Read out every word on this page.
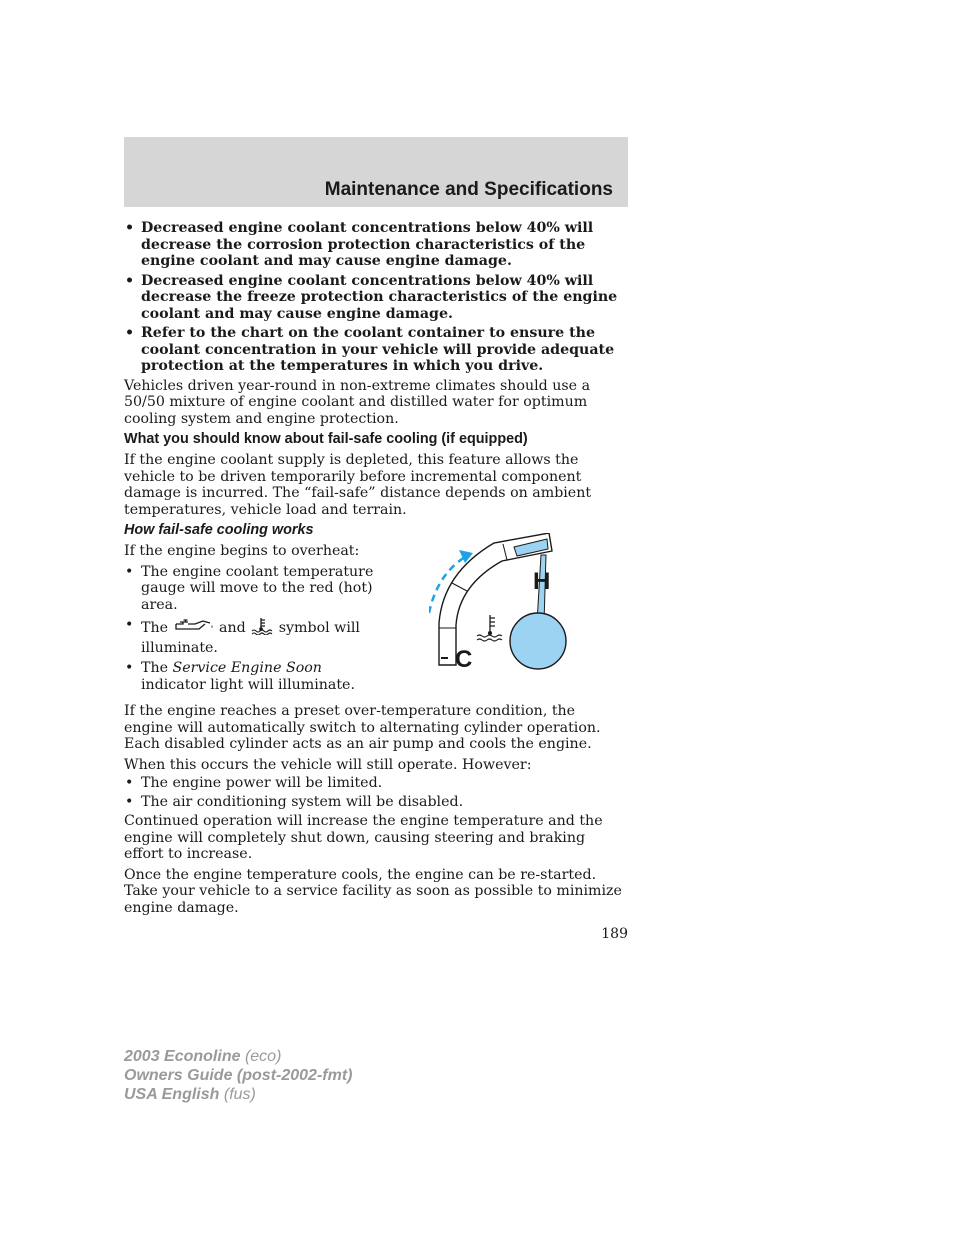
Maintenance and Specifications
• Decreased engine coolant concentrations below 40% will decrease the corrosion protection characteristics of the engine coolant and may cause engine damage.
• Decreased engine coolant concentrations below 40% will decrease the freeze protection characteristics of the engine coolant and may cause engine damage.
• Refer to the chart on the coolant container to ensure the coolant concentration in your vehicle will provide adequate protection at the temperatures in which you drive.

Vehicles driven year-round in non-extreme climates should use a 50/50 mixture of engine coolant and distilled water for optimum cooling system and engine protection.

What you should know about fail-safe cooling (if equipped)

If the engine coolant supply is depleted, this feature allows the vehicle to be driven temporarily before incremental component damage is incurred. The “fail-safe” distance depends on ambient temperatures, vehicle load and terrain.

How fail-safe cooling works
If the engine begins to overheat:
• The engine coolant temperature gauge will move to the red (hot) area.
• The	and symbol will illuminate.
• The Service Engine Soon indicator light will illuminate.
H
C

If the engine reaches a preset over-temperature condition, the engine will automatically switch to alternating cylinder operation. Each disabled cylinder acts as an air pump and cools the engine.

When this occurs the vehicle will still operate. However:

• The engine power will be limited.
• The air conditioning system will be disabled.

Continued operation will increase the engine temperature and the engine will completely shut down, causing steering and braking effort to increase.

Once the engine temperature cools, the engine can be re-started. Take your vehicle to a service facility as soon as possible to minimize engine damage.

189
2003 Econoline (eco)
Owners Guide (post-2002-fmt)
USA English (fus)
